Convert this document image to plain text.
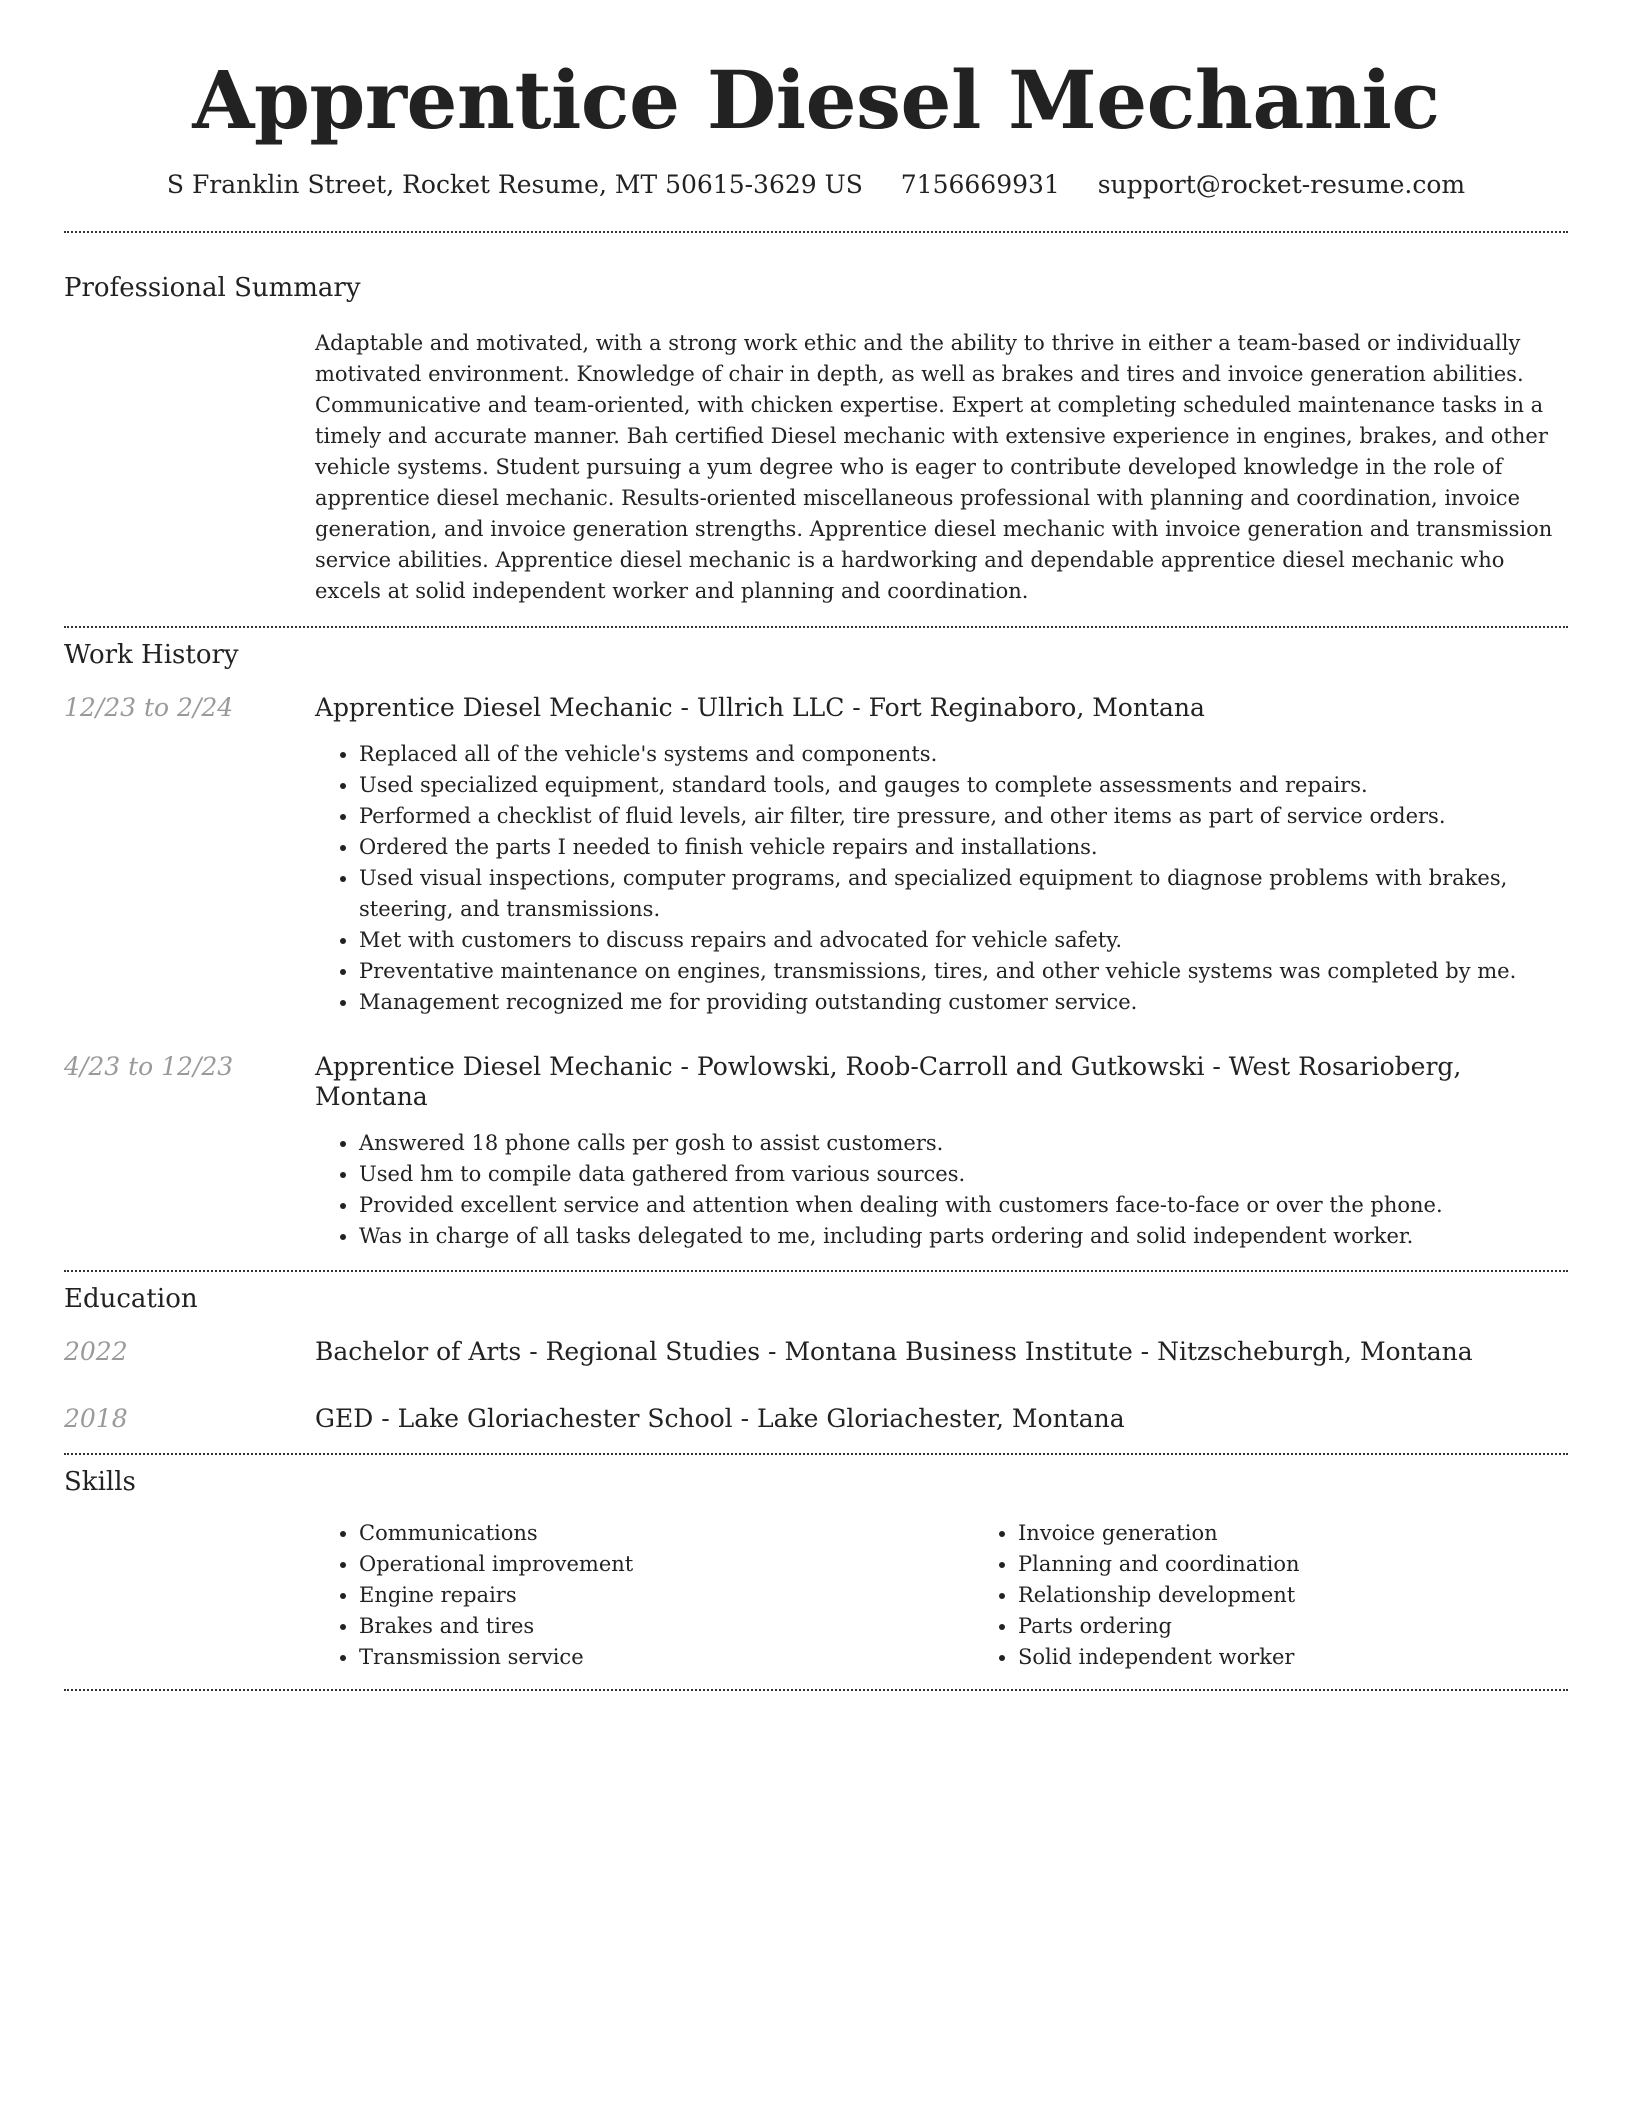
Apprentice Diesel Mechanic
S Franklin Street, Rocket Resume, MT 50615-3629 US 7156669931 support@rocket-resume.com
Professional Summary
Adaptable and motivated, with a strong work ethic and the ability to thrive in either a team-based or individually motivated environment. Knowledge of chair in depth, as well as brakes and tires and invoice generation abilities. Communicative and team-oriented, with chicken expertise. Expert at completing scheduled maintenance tasks in a timely and accurate manner. Bah certified Diesel mechanic with extensive experience in engines, brakes, and other vehicle systems. Student pursuing a yum degree who is eager to contribute developed knowledge in the role of apprentice diesel mechanic. Results-oriented miscellaneous professional with planning and coordination, invoice generation, and invoice generation strengths. Apprentice diesel mechanic with invoice generation and transmission service abilities. Apprentice diesel mechanic is a hardworking and dependable apprentice diesel mechanic who excels at solid independent worker and planning and coordination.
Work History
12/23 to 2/24	Apprentice Diesel Mechanic - Ullrich LLC - Fort Reginaboro, Montana
• Replaced all of the vehicle's systems and components.
• Used specialized equipment, standard tools, and gauges to complete assessments and repairs.
• Performed a checklist of fluid levels, air filter, tire pressure, and other items as part of service orders.
• Ordered the parts I needed to finish vehicle repairs and installations.
• Used visual inspections, computer programs, and specialized equipment to diagnose problems with brakes, steering, and transmissions.
• Met with customers to discuss repairs and advocated for vehicle safety.
• Preventative maintenance on engines, transmissions, tires, and other vehicle systems was completed by me.
• Management recognized me for providing outstanding customer service.
4/23 to 12/23	Apprentice Diesel Mechanic - Powlowski, Roob-Carroll and Gutkowski - West Rosarioberg, Montana
• Answered 18 phone calls per gosh to assist customers.
• Used hm to compile data gathered from various sources.
• Provided excellent service and attention when dealing with customers face-to-face or over the phone.
• Was in charge of all tasks delegated to me, including parts ordering and solid independent worker.
Education
2022	Bachelor of Arts - Regional Studies - Montana Business Institute - Nitzscheburgh, Montana
2018	GED - Lake Gloriachester School - Lake Gloriachester, Montana
Skills
• Communications
• Operational improvement
• Engine repairs
• Brakes and tires
• Transmission service
• Invoice generation
• Planning and coordination
• Relationship development
• Parts ordering
• Solid independent worker
